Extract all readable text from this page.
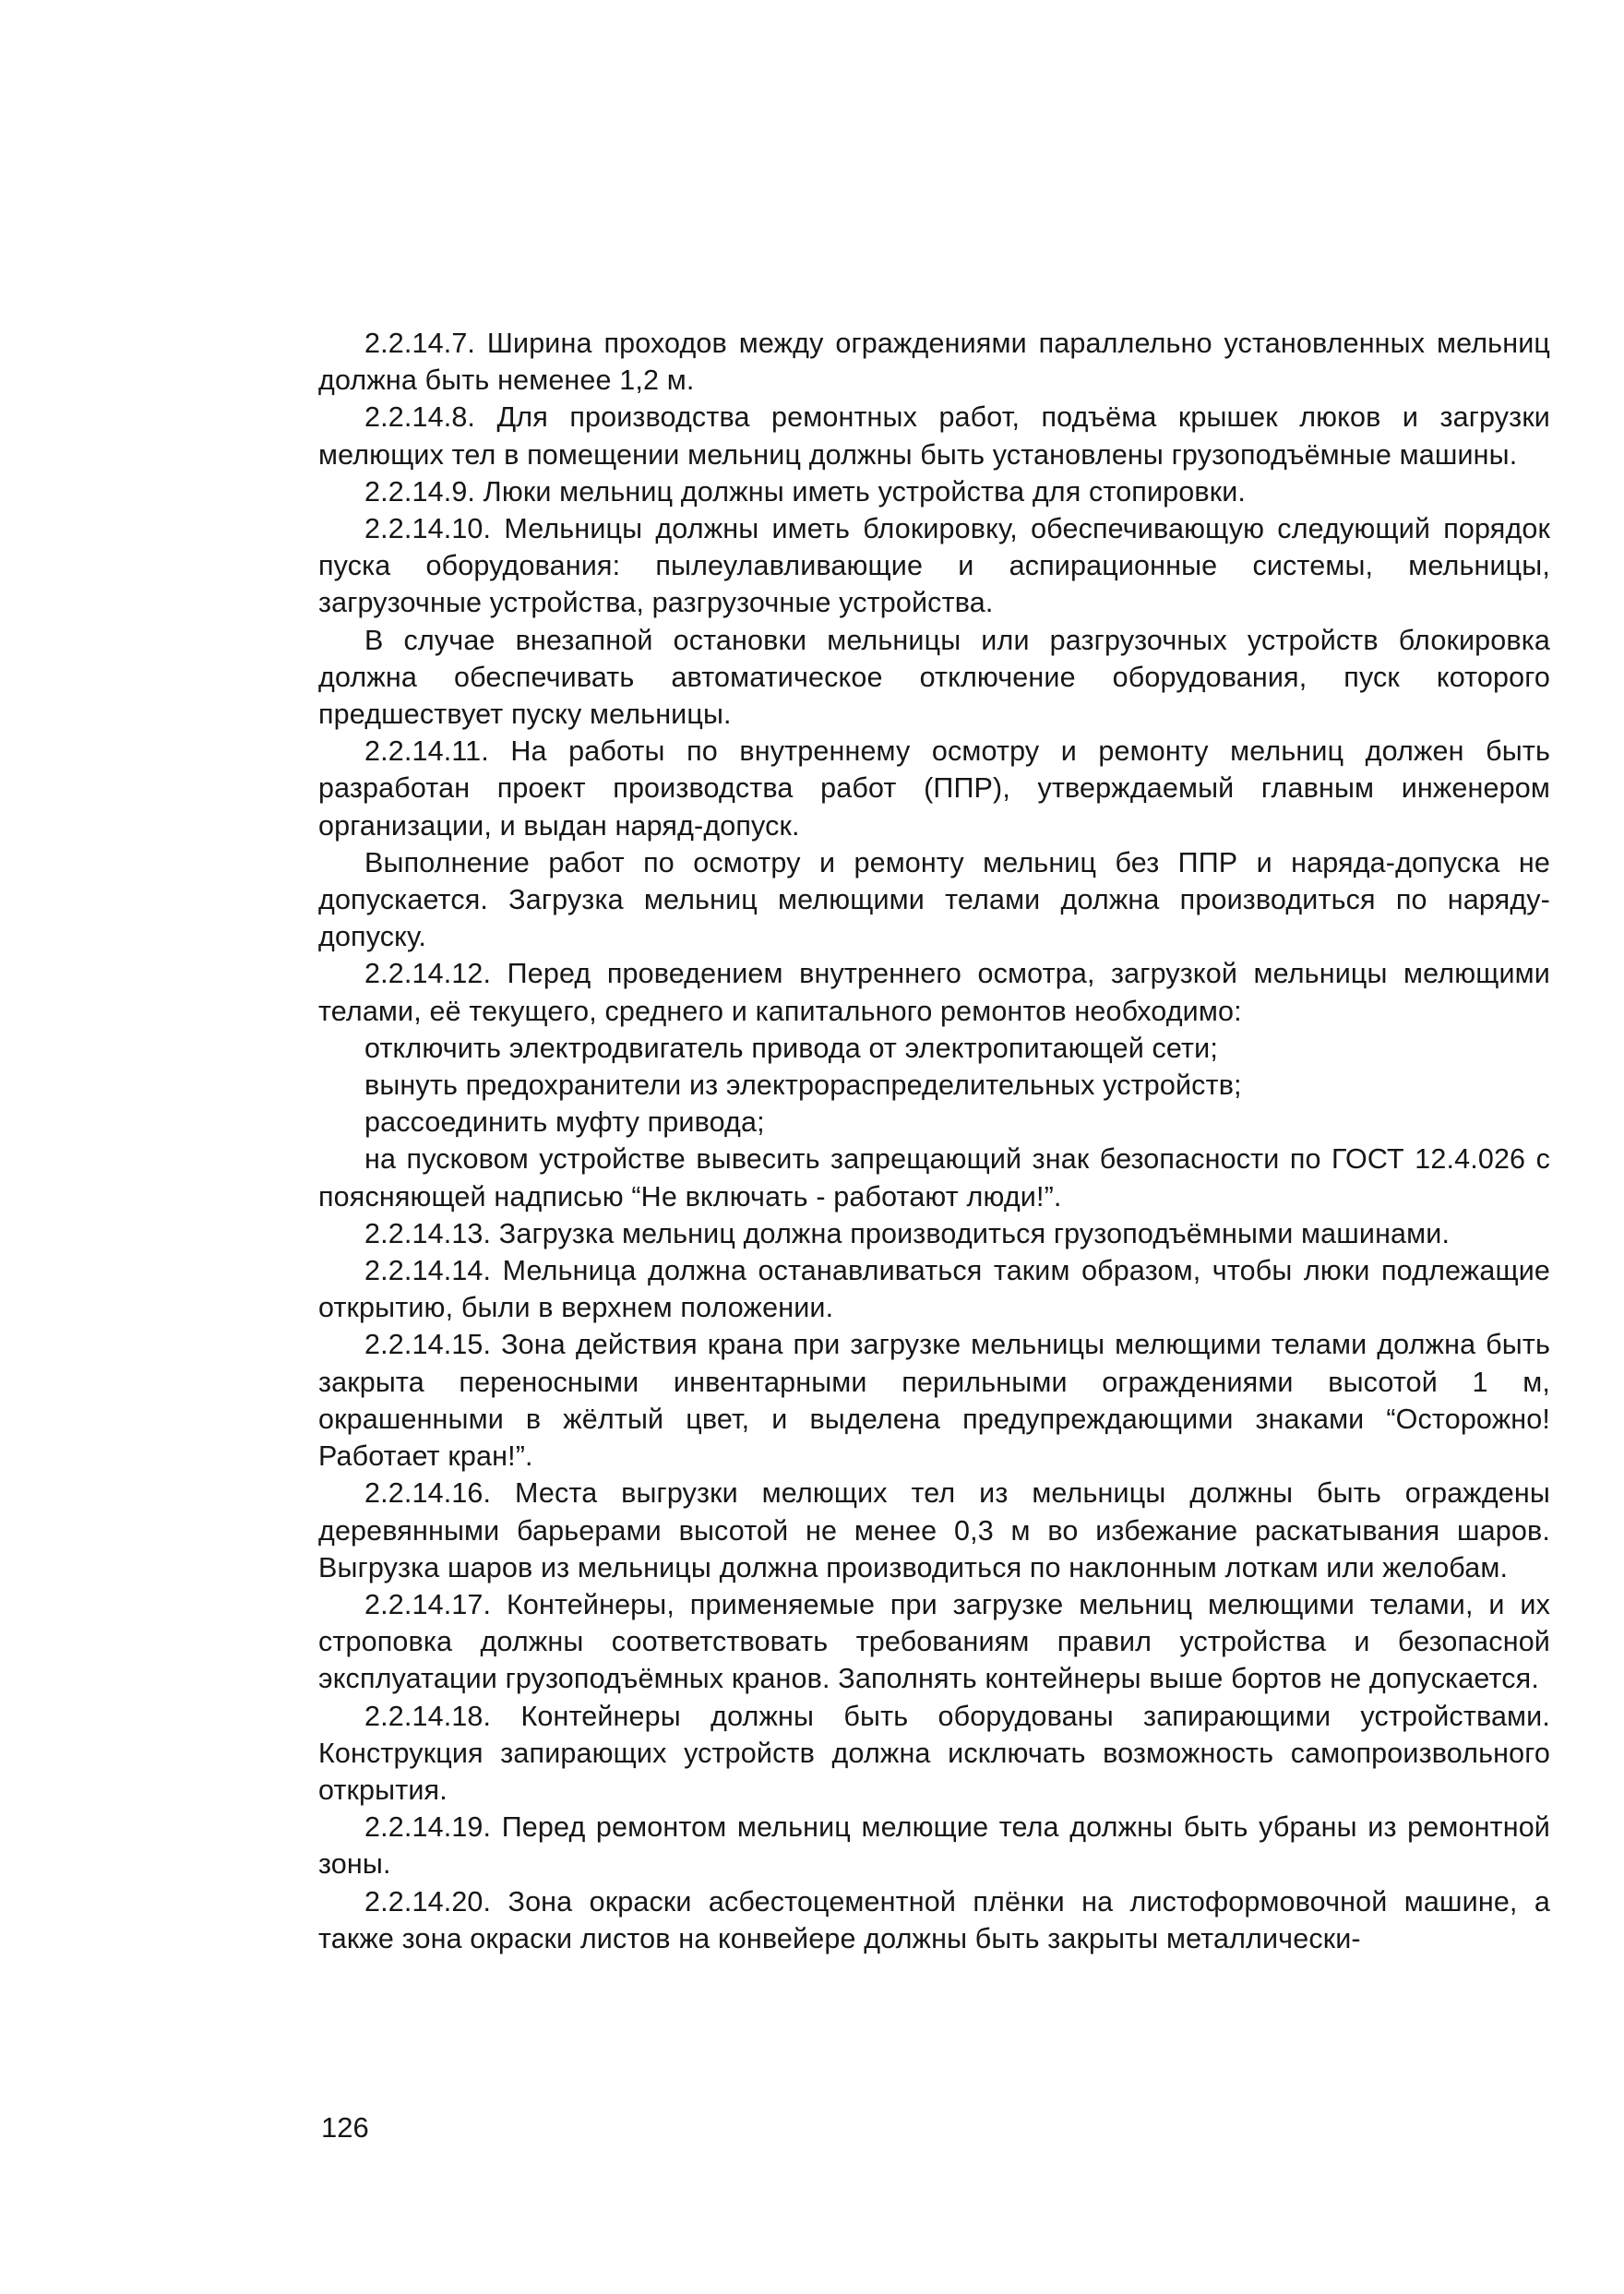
2.2.14.7. Ширина проходов между ограждениями параллельно установленных мельниц должна быть неменее 1,2 м.

2.2.14.8. Для производства ремонтных работ, подъёма крышек люков и загрузки мелющих тел в помещении мельниц должны быть установлены грузоподъёмные машины.

2.2.14.9. Люки мельниц должны иметь устройства для стопировки.

2.2.14.10. Мельницы должны иметь блокировку, обеспечивающую следующий порядок пуска оборудования: пылеулавливающие и аспирационные системы, мельницы, загрузочные устройства, разгрузочные устройства.

В случае внезапной остановки мельницы или разгрузочных устройств блокировка должна обеспечивать автоматическое отключение оборудования, пуск которого предшествует пуску мельницы.

2.2.14.11. На работы по внутреннему осмотру и ремонту мельниц должен быть разработан проект производства работ (ППР), утверждаемый главным инженером организации, и выдан наряд-допуск.

Выполнение работ по осмотру и ремонту мельниц без ППР и наряда-допуска не допускается. Загрузка мельниц мелющими телами должна производиться по наряду-допуску.

2.2.14.12. Перед проведением внутреннего осмотра, загрузкой мельницы мелющими телами, её текущего, среднего и капитального ремонтов необходимо:

отключить электродвигатель привода от электропитающей сети;

вынуть предохранители из электрораспределительных устройств;

рассоединить муфту привода;

на пусковом устройстве вывесить запрещающий знак безопасности по ГОСТ 12.4.026 с поясняющей надписью “Не включать - работают люди!”.

2.2.14.13. Загрузка мельниц должна производиться грузоподъёмными машинами.

2.2.14.14. Мельница должна останавливаться таким образом, чтобы люки подлежащие открытию, были в верхнем положении.

2.2.14.15. Зона действия крана при загрузке мельницы мелющими телами должна быть закрыта переносными инвентарными перильными ограждениями высотой 1 м, окрашенными в жёлтый цвет, и выделена предупреждающими знаками “Осторожно! Работает кран!”.

2.2.14.16. Места выгрузки мелющих тел из мельницы должны быть ограждены деревянными барьерами высотой не менее 0,3 м во избежание раскатывания шаров. Выгрузка шаров из мельницы должна производиться по наклонным лоткам или желобам.

2.2.14.17. Контейнеры, применяемые при загрузке мельниц мелющими телами, и их строповка должны соответствовать требованиям правил устройства и безопасной эксплуатации грузоподъёмных кранов. Заполнять контейнеры выше бортов не допускается.

2.2.14.18. Контейнеры должны быть оборудованы запирающими устройствами. Конструкция запирающих устройств должна исключать возможность самопроизвольного открытия.

2.2.14.19. Перед ремонтом мельниц мелющие тела должны быть убраны из ремонтной зоны.

2.2.14.20. Зона окраски асбестоцементной плёнки на листоформовочной машине, а также зона окраски листов на конвейере должны быть закрыты металлически-

126
